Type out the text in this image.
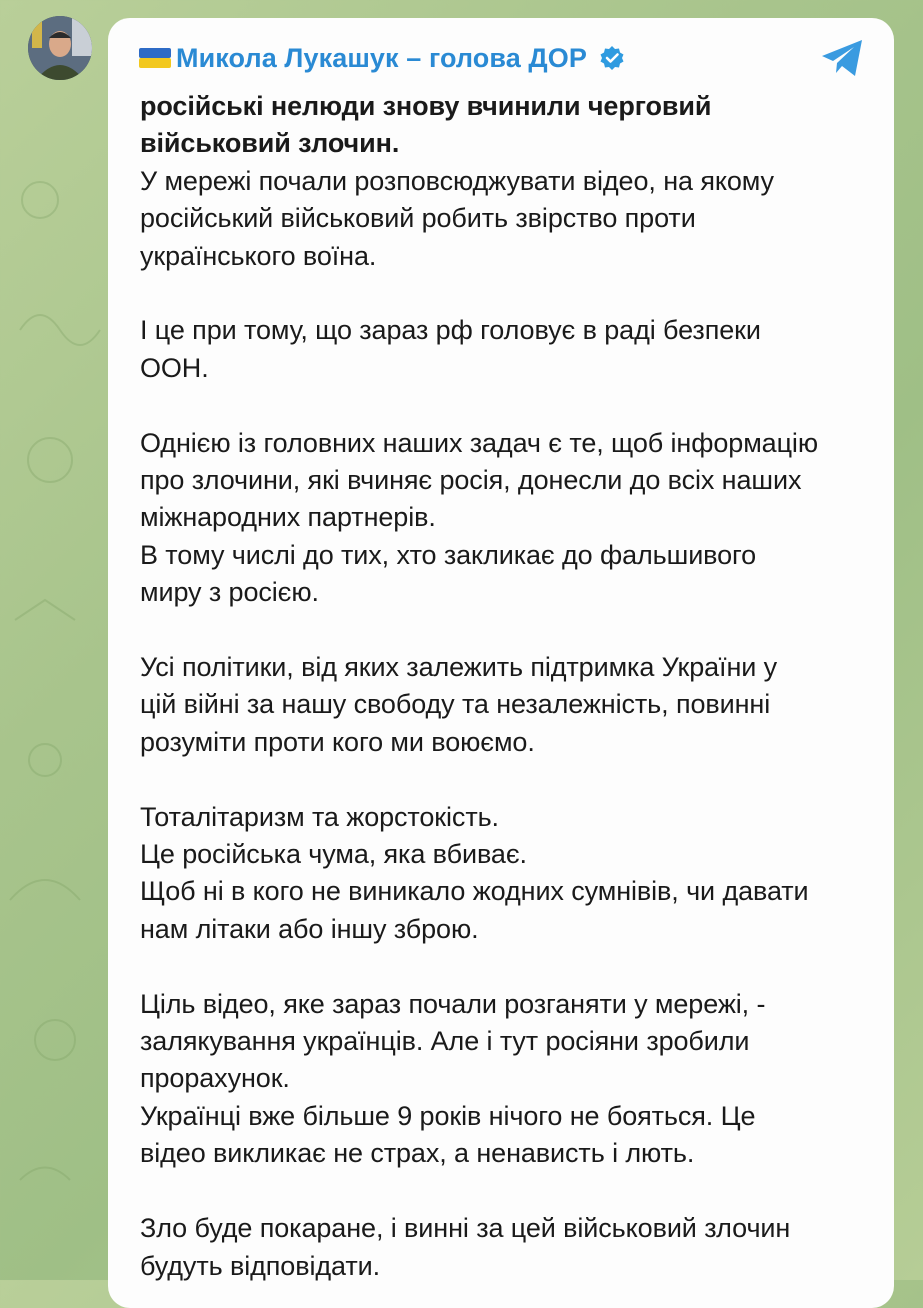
Микола Лукашук – голова ДОР

російські нелюди знову вчинили черговий

військовий злочин.

У мережі почали розповсюджувати відео, на якому

російський військовий робить звірство проти

українського воїна.

І це при тому, що зараз рф головує в раді безпеки

ООН.

Однією із головних наших задач є те, щоб інформацію

про злочини, які вчиняє росія, донесли до всіх наших

міжнародних партнерів.

В тому числі до тих, хто закликає до фальшивого

миру з росією.

Усі політики, від яких залежить підтримка України у

цій війні за нашу свободу та незалежність, повинні

розуміти проти кого ми воюємо.

Тоталітаризм та жорстокість.

Це російська чума, яка вбиває.

Щоб ні в кого не виникало жодних сумнівів, чи давати

нам літаки або іншу зброю.

Ціль відео, яке зараз почали розганяти у мережі, -

залякування українців. Але і тут росіяни зробили

прорахунок.

Українці вже більше 9 років нічого не бояться. Це

відео викликає не страх, а ненависть і лють.

Зло буде покаране, і винні за цей військовий злочин

будуть відповідати.
